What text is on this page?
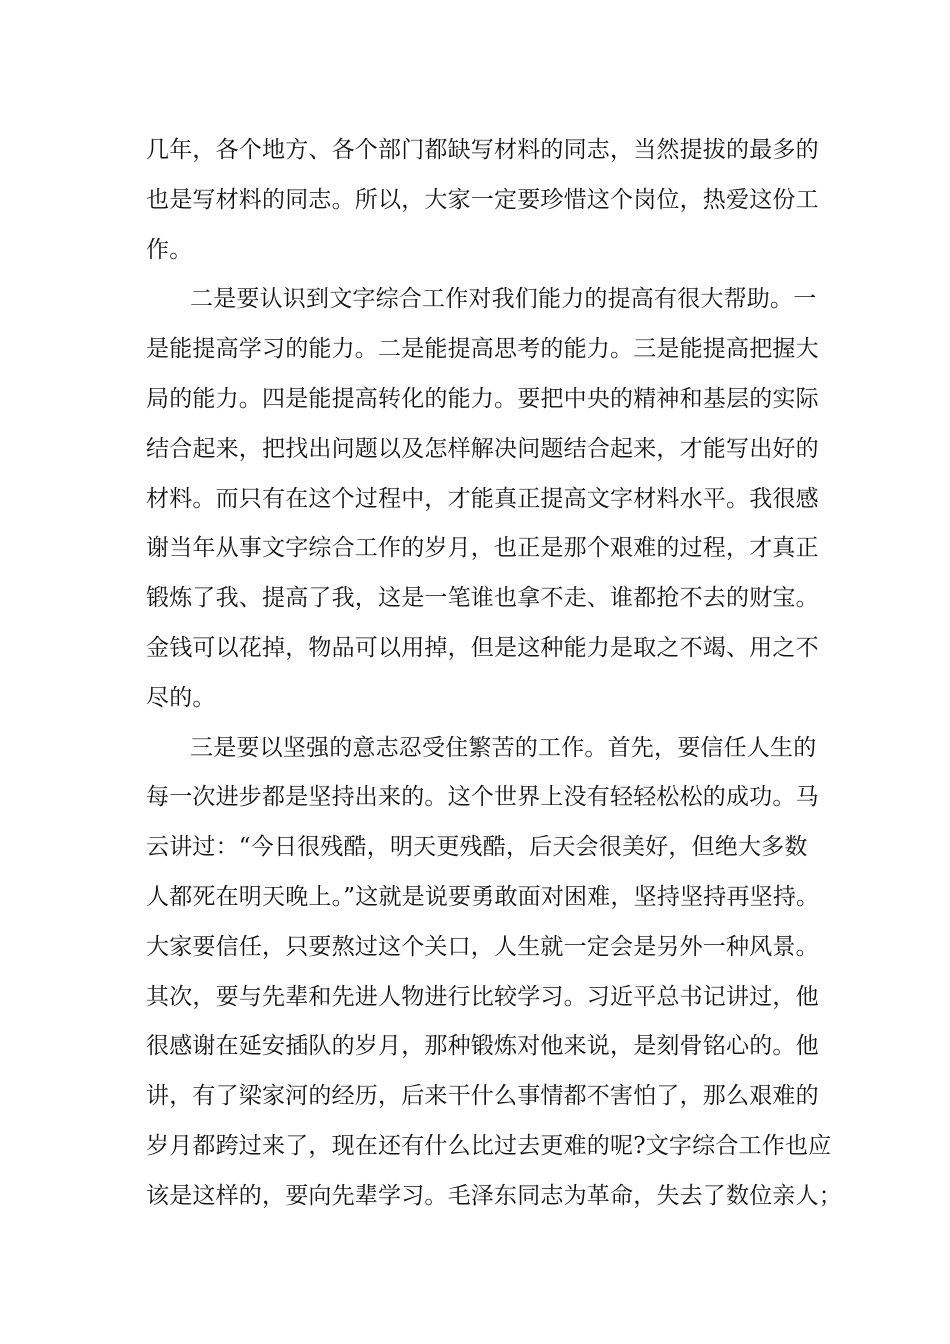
几年，各个地方、各个部门都缺写材料的同志，当然提拔的最多的
也是写材料的同志。所以，大家一定要珍惜这个岗位，热爱这份工
作。
二是要认识到文字综合工作对我们能力的提高有很大帮助。一
是能提高学习的能力。二是能提高思考的能力。三是能提高把握大
局的能力。四是能提高转化的能力。要把中央的精神和基层的实际
结合起来，把找出问题以及怎样解决问题结合起来，才能写出好的
材料。而只有在这个过程中，才能真正提高文字材料水平。我很感
谢当年从事文字综合工作的岁月，也正是那个艰难的过程，才真正
锻炼了我、提高了我，这是一笔谁也拿不走、谁都抢不去的财宝。
金钱可以花掉，物品可以用掉，但是这种能力是取之不竭、用之不
尽的。
三是要以坚强的意志忍受住繁苦的工作。首先，要信任人生的
每一次进步都是坚持出来的。这个世界上没有轻轻松松的成功。马
云讲过：“今日很残酷，明天更残酷，后天会很美好，但绝大多数
人都死在明天晚上。”这就是说要勇敢面对困难，坚持坚持再坚持。
大家要信任，只要熬过这个关口，人生就一定会是另外一种风景。
其次，要与先辈和先进人物进行比较学习。习近平总书记讲过，他
很感谢在延安插队的岁月，那种锻炼对他来说，是刻骨铭心的。他
讲，有了梁家河的经历，后来干什么事情都不害怕了，那么艰难的
岁月都跨过来了，现在还有什么比过去更难的呢?文字综合工作也应
该是这样的，要向先辈学习。毛泽东同志为革命，失去了数位亲人；
